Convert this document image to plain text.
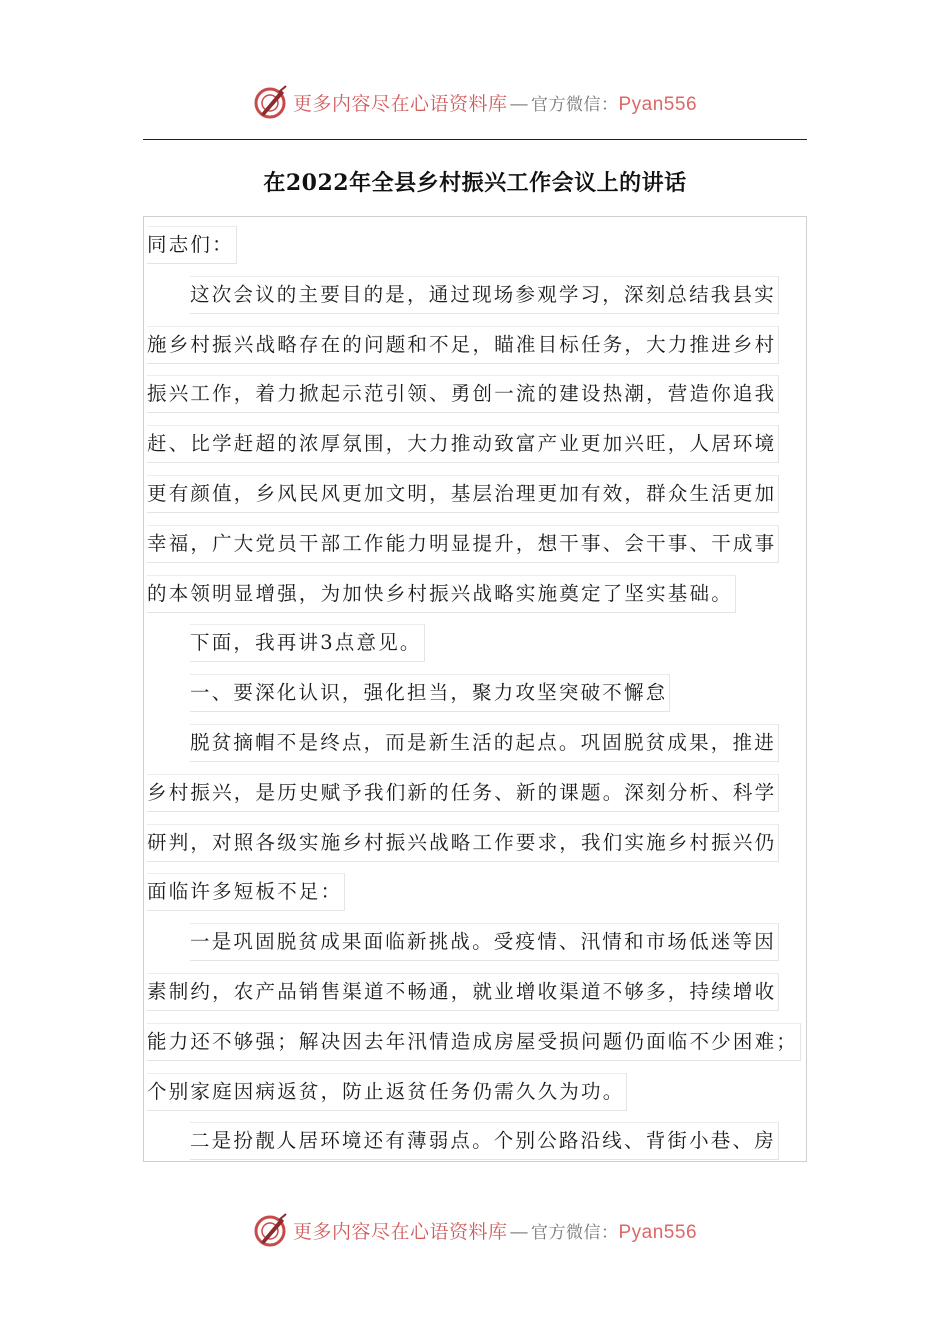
更多内容尽在心语资料库 — 官方微信：Pyan556
在2022年全县乡村振兴工作会议上的讲话
同志们：
这次会议的主要目的是，通过现场参观学习，深刻总结我县实
施乡村振兴战略存在的问题和不足，瞄准目标任务，大力推进乡村
振兴工作，着力掀起示范引领、勇创一流的建设热潮，营造你追我
赶、比学赶超的浓厚氛围，大力推动致富产业更加兴旺，人居环境
更有颜值，乡风民风更加文明，基层治理更加有效，群众生活更加
幸福，广大党员干部工作能力明显提升，想干事、会干事、干成事
的本领明显增强，为加快乡村振兴战略实施奠定了坚实基础。
下面，我再讲3点意见。
一、要深化认识，强化担当，聚力攻坚突破不懈怠
脱贫摘帽不是终点，而是新生活的起点。巩固脱贫成果，推进
乡村振兴，是历史赋予我们新的任务、新的课题。深刻分析、科学
研判，对照各级实施乡村振兴战略工作要求，我们实施乡村振兴仍
面临许多短板不足：
一是巩固脱贫成果面临新挑战。受疫情、汛情和市场低迷等因
素制约，农产品销售渠道不畅通，就业增收渠道不够多，持续增收
能力还不够强；解决因去年汛情造成房屋受损问题仍面临不少困难；
个别家庭因病返贫，防止返贫任务仍需久久为功。
二是扮靓人居环境还有薄弱点。个别公路沿线、背街小巷、房
更多内容尽在心语资料库 — 官方微信：Pyan556
